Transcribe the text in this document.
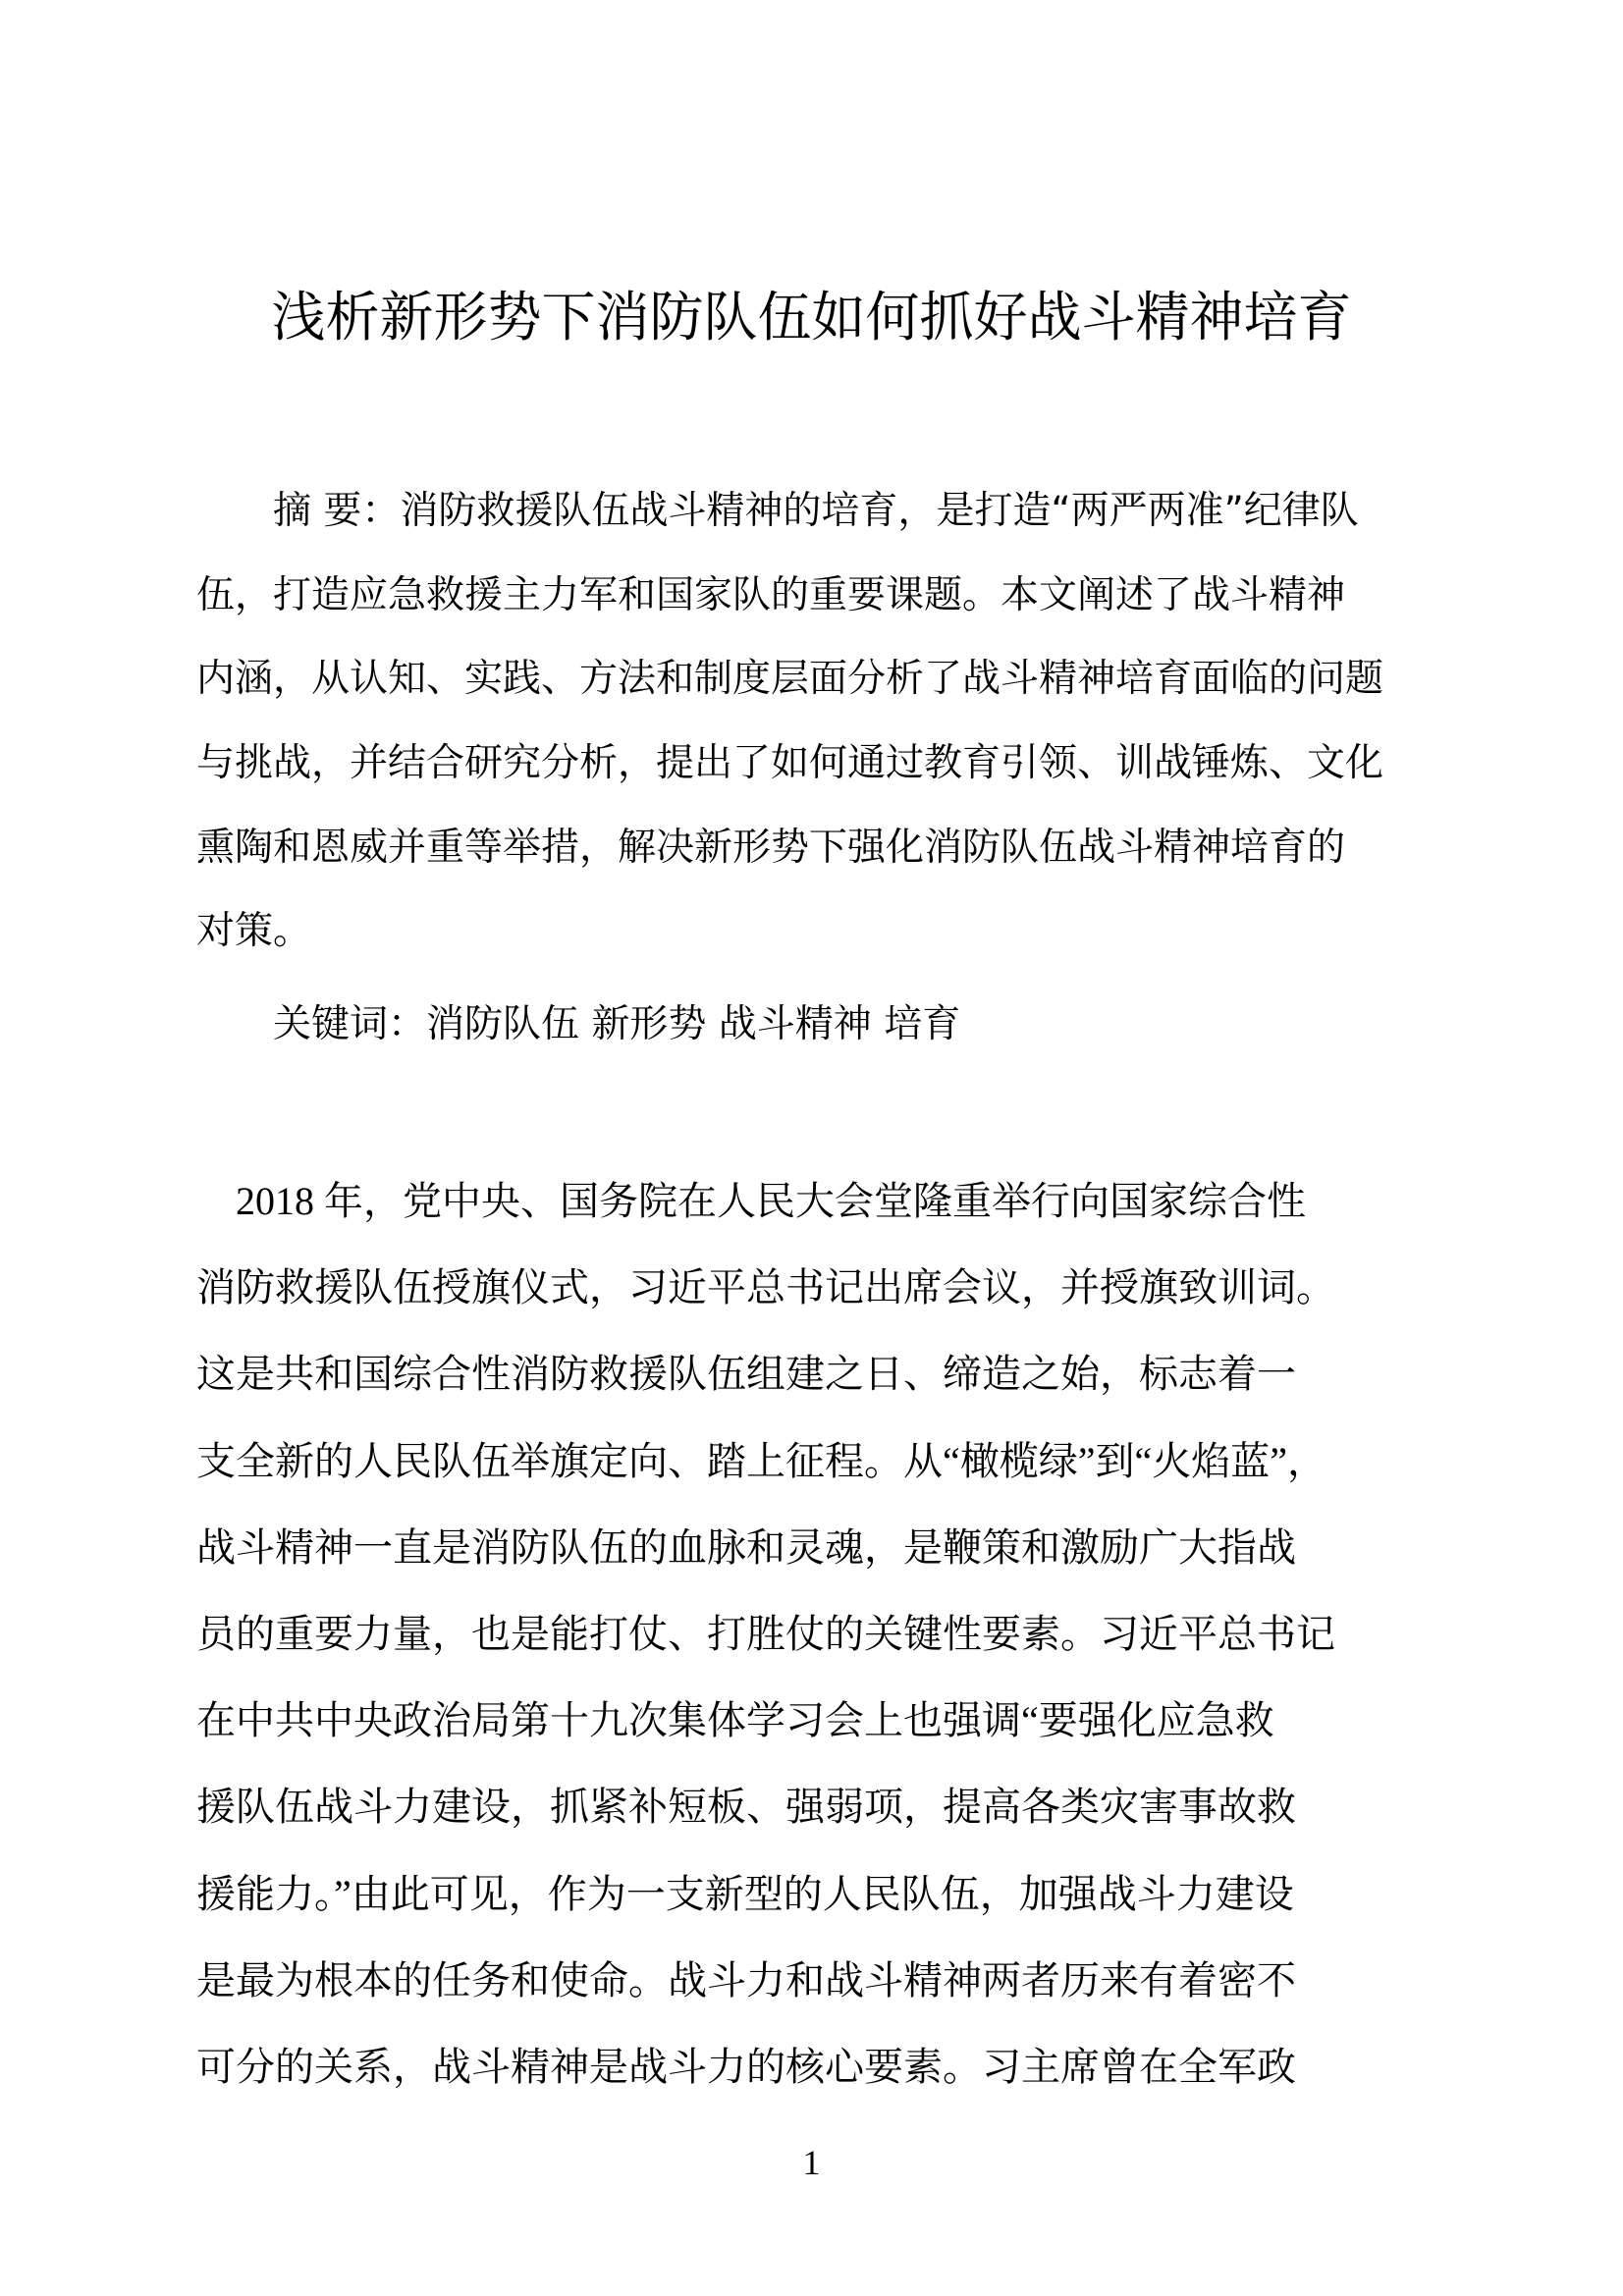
浅析新形势下消防队伍如何抓好战斗精神培育
摘 要：消防救援队伍战斗精神的培育，是打造“两严两准”纪律队
伍，打造应急救援主力军和国家队的重要课题。本文阐述了战斗精神
内涵，从认知、实践、方法和制度层面分析了战斗精神培育面临的问题
与挑战，并结合研究分析，提出了如何通过教育引领、训战锤炼、文化
熏陶和恩威并重等举措，解决新形势下强化消防队伍战斗精神培育的
对策。
关键词：消防队伍 新形势 战斗精神 培育
2018 年，党中央、国务院在人民大会堂隆重举行向国家综合性
消防救援队伍授旗仪式，习近平总书记出席会议，并授旗致训词。
这是共和国综合性消防救援队伍组建之日、缔造之始，标志着一
支全新的人民队伍举旗定向、踏上征程。从“橄榄绿”到“火焰蓝”，
战斗精神一直是消防队伍的血脉和灵魂，是鞭策和激励广大指战
员的重要力量，也是能打仗、打胜仗的关键性要素。习近平总书记
在中共中央政治局第十九次集体学习会上也强调“要强化应急救
援队伍战斗力建设，抓紧补短板、强弱项，提高各类灾害事故救
援能力。”由此可见，作为一支新型的人民队伍，加强战斗力建设
是最为根本的任务和使命。战斗力和战斗精神两者历来有着密不
可分的关系，战斗精神是战斗力的核心要素。习主席曾在全军政
1
